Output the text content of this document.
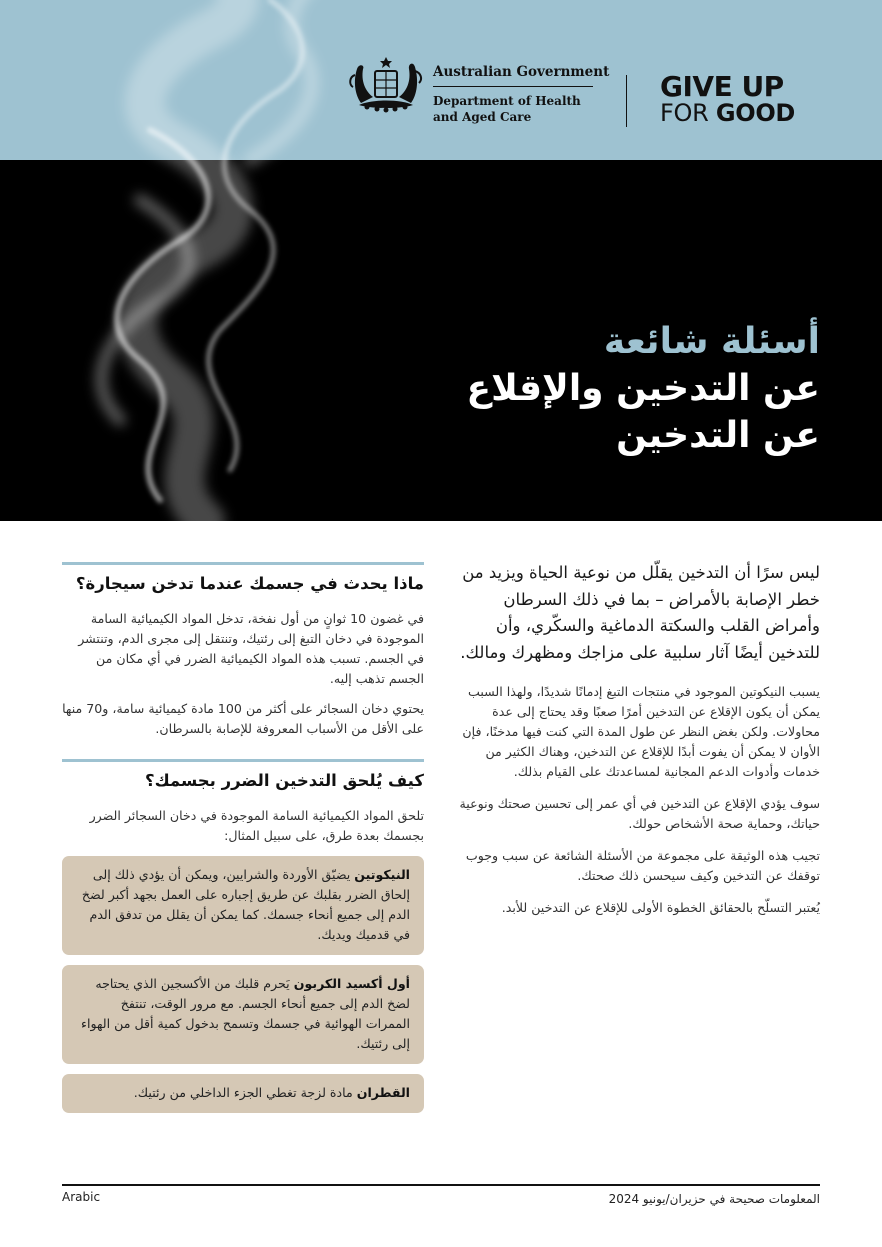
Australian Government
Department of Health
and Aged Care
GIVE UP
FOR GOOD
أسئلة شائعة
عن التدخين والإقلاع
عن التدخين

ليس سرًا أن التدخين يقلّل من نوعية الحياة ويزيد من خطر الإصابة بالأمراض – بما في ذلك السرطان وأمراض القلب والسكتة الدماغية والسكّري، وأن للتدخين أيضًا آثار سلبية على مزاجك ومظهرك ومالك.

يسبب النيكوتين الموجود في منتجات التبغ إدمانًا شديدًا، ولهذا السبب يمكن أن يكون الإقلاع عن التدخين أمرًا صعبًا وقد يحتاج إلى عدة محاولات. ولكن بغض النظر عن طول المدة التي كنت فيها مدخنًا، فإن الأوان لا يمكن أن يفوت أبدًا للإقلاع عن التدخين، وهناك الكثير من خدمات وأدوات الدعم المجانية لمساعدتك على القيام بذلك.

سوف يؤدي الإقلاع عن التدخين في أي عمر إلى تحسين صحتك ونوعية حياتك، وحماية صحة الأشخاص حولك.

تجيب هذه الوثيقة على مجموعة من الأسئلة الشائعة عن سبب وجوب توقفك عن التدخين وكيف سيحسن ذلك صحتك.

يُعتبر التسلّح بالحقائق الخطوة الأولى للإقلاع عن التدخين للأبد.

ماذا يحدث في جسمك عندما تدخن سيجارة؟

في غضون 10 ثوانٍ من أول نفخة، تدخل المواد الكيميائية السامة الموجودة في دخان التبغ إلى رئتيك، وتنتقل إلى مجرى الدم، وتنتشر في الجسم. تسبب هذه المواد الكيميائية الضرر في أي مكان من الجسم تذهب إليه.

يحتوي دخان السجائر على أكثر من 100 مادة كيميائية سامة، و70 منها على الأقل من الأسباب المعروفة للإصابة بالسرطان.

كيف يُلحق التدخين الضرر بجسمك؟

تلحق المواد الكيميائية السامة الموجودة في دخان السجائر الضرر بجسمك بعدة طرق، على سبيل المثال:

النيكوتين يضيّق الأوردة والشرايين، ويمكن أن يؤدي ذلك إلى إلحاق الضرر بقلبك عن طريق إجباره على العمل بجهد أكبر لضخ الدم إلى جميع أنحاء جسمك. كما يمكن أن يقلل من تدفق الدم في قدميك ويديك.
أول أكسيد الكربون يَحرم قلبك من الأكسجين الذي يحتاجه لضخ الدم إلى جميع أنحاء الجسم. مع مرور الوقت، تنتفخ الممرات الهوائية في جسمك وتسمح بدخول كمية أقل من الهواء إلى رئتيك.
القطران مادة لزجة تغطي الجزء الداخلي من رئتيك.
Arabic	المعلومات صحيحة في حزيران/يونيو 2024
